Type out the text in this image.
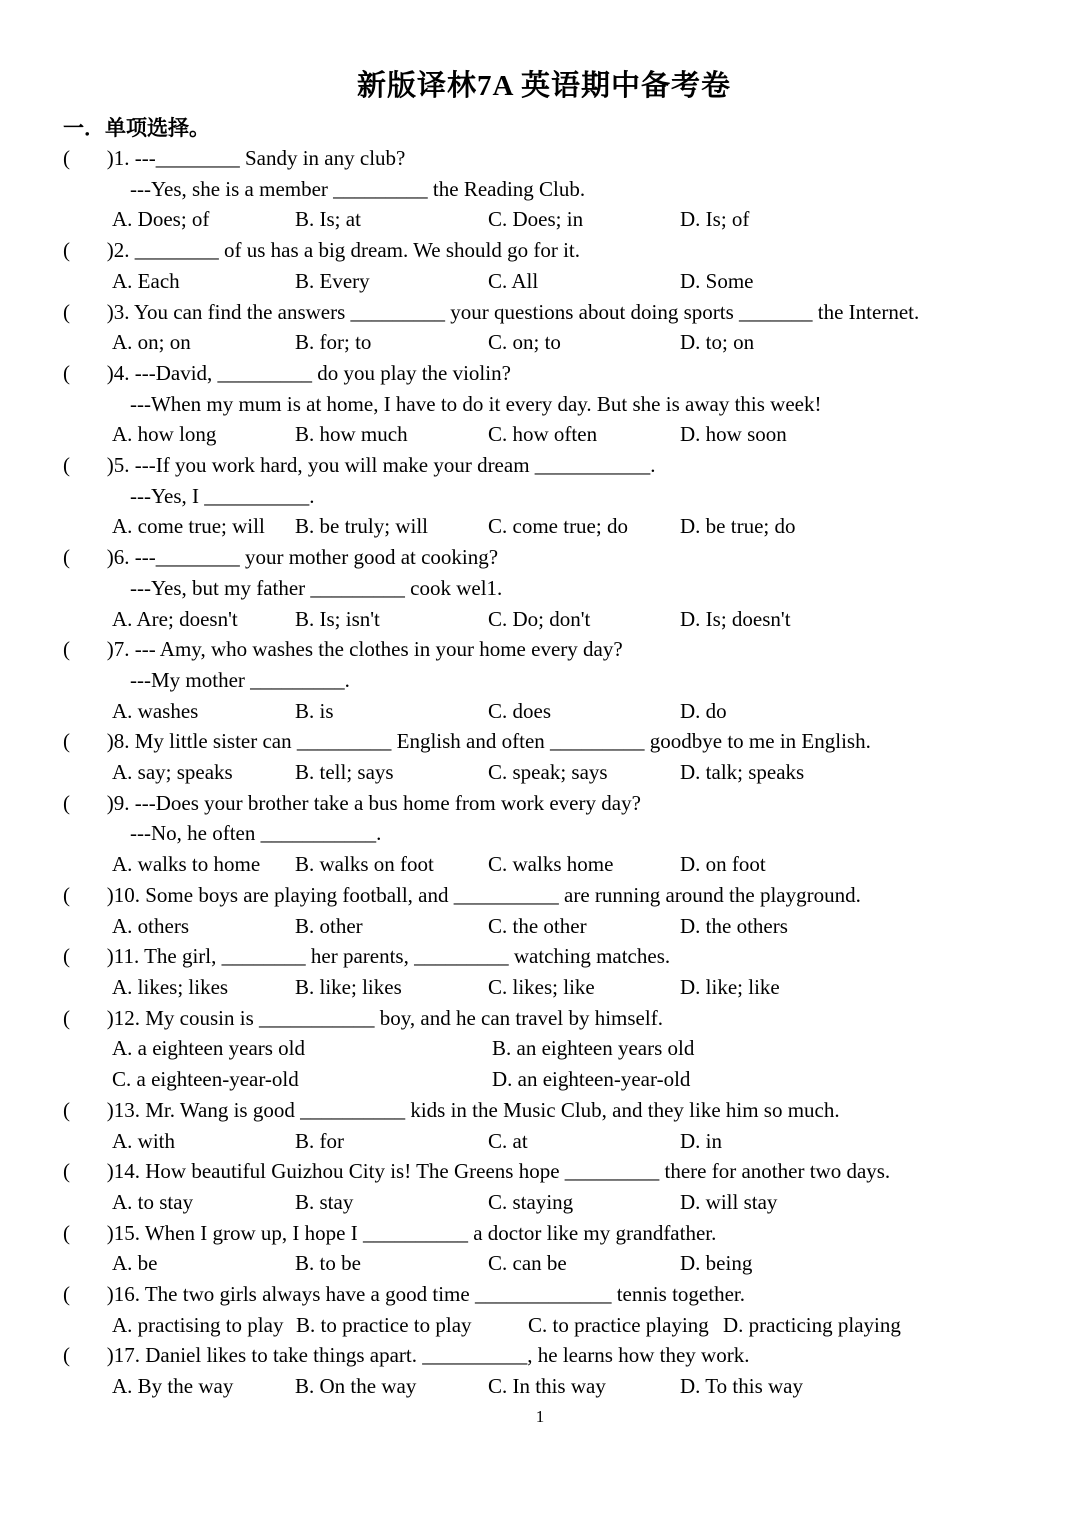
新版译林7A 英语期中备考卷
一．单项选择。
(       )1. ---________ Sandy in any club?
---Yes, she is a member _________ the Reading Club.
A. Does; of	B. Is; at	C. Does; in	D. Is; of
(       )2. ________ of us has a big dream. We should go for it.
A. Each	B. Every	C. All	D. Some
(       )3. You can find the answers _________ your questions about doing sports _______ the Internet.
A. on; on	B. for; to	C. on; to	D. to; on
(       )4. ---David, _________ do you play the violin?
---When my mum is at home, I have to do it every day. But she is away this week!
A. how long	B. how much	C. how often	D. how soon
(       )5. ---If you work hard, you will make your dream ___________.
---Yes, I __________.
A. come true; will	B. be truly; will	C. come true; do	D. be true; do
(       )6. ---________ your mother good at cooking?
---Yes, but my father _________ cook wel1.
A. Are; doesn't	B. Is; isn't	C. Do; don't	D. Is; doesn't
(       )7. --- Amy, who washes the clothes in your home every day?
---My mother _________.
A. washes	B. is	C. does	D. do
(       )8. My little sister can _________ English and often _________ goodbye to me in English.
A. say; speaks	B. tell; says	C. speak; says	D. talk; speaks
(       )9. ---Does your brother take a bus home from work every day?
---No, he often ___________.
A. walks to home	B. walks on foot	C. walks home	D. on foot
(       )10. Some boys are playing football, and __________ are running around the playground.
A. others	B. other	C. the other	D. the others
(       )11. The girl, ________ her parents, _________ watching matches.
A. likes; likes	B. like; likes	C. likes; like	D. like; like
(       )12. My cousin is ___________ boy, and he can travel by himself.
A. a eighteen years old	B. an eighteen years old
C. a eighteen-year-old	D. an eighteen-year-old
(       )13. Mr. Wang is good __________ kids in the Music Club, and they like him so much.
A. with	B. for	C. at	D. in
(       )14. How beautiful Guizhou City is! The Greens hope _________ there for another two days.
A. to stay	B. stay	C. staying	D. will stay
(       )15. When I grow up, I hope I __________ a doctor like my grandfather.
A. be	B. to be	C. can be	D. being
(       )16. The two girls always have a good time _____________ tennis together.
A. practising to play B. to practice to play	C. to practice playing D. practicing playing
(       )17. Daniel likes to take things apart. __________, he learns how they work.
A. By the way	B. On the way	C. In this way	D. To this way
1
